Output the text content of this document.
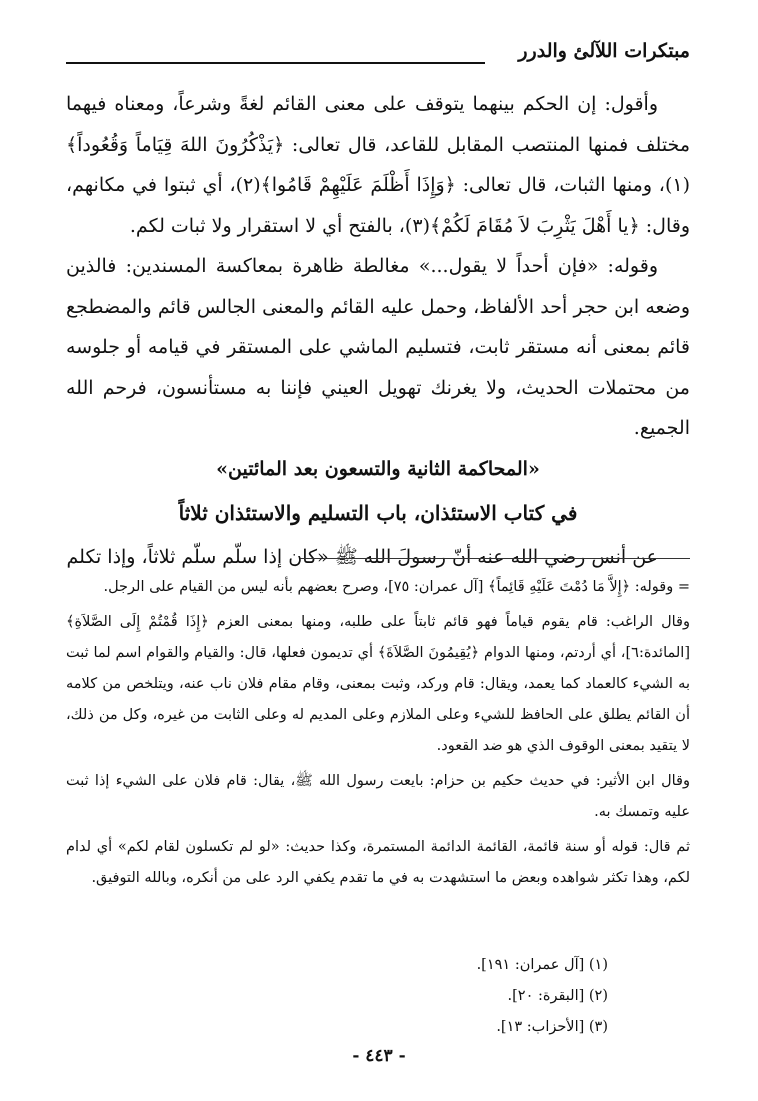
مبتكرات اللآلئ والدرر

وأقول: إن الحكم بينهما يتوقف على معنى القائم لغةً وشرعاً، ومعناه فيهما مختلف فمنها المنتصب المقابل للقاعد، قال تعالى: ﴿يَذْكُرُونَ اللهَ قِيَاماً وَقُعُوداً﴾(١)، ومنها الثبات، قال تعالى: ﴿وَإِذَا أَظْلَمَ عَلَيْهِمْ قَامُوا﴾(٢)، أي ثبتوا في مكانهم، وقال: ﴿يا أَهْلَ يَثْرِبَ لاَ مُقَامَ لَكُمْ﴾(٣)، بالفتح أي لا استقرار ولا ثبات لكم.

وقوله: «فإن أحداً لا يقول...» مغالطة ظاهرة بمعاكسة المسندين: فالذين وضعه ابن حجر أحد الألفاظ، وحمل عليه القائم والمعنى الجالس قائم والمضطجع قائم بمعنى أنه مستقر ثابت، فتسليم الماشي على المستقر في قيامه أو جلوسه من محتملات الحديث، ولا يغرنك تهويل العيني فإننا به مستأنسون، فرحم الله الجميع.

«المحاكمة الثانية والتسعون بعد المائتين»

في كتاب الاستئذان، باب التسليم والاستئذان ثلاثاً

عن أنس رضي الله عنه أنّ رسولَ الله ﷺ «كان إذا سلّم سلّم ثلاثاً، وإذا تكلم

= وقوله: ﴿إِلاَّ مَا دُمْتَ عَلَيْهِ قَائِماً﴾ [آل عمران: ٧٥]، وصرح بعضهم بأنه ليس من القيام على الرجل.

وقال الراغب: قام يقوم قياماً فهو قائم ثابتاً على طلبه، ومنها بمعنى العزم ﴿إِذَا قُمْتُمْ إِلَى الصَّلاَةِ﴾ [المائدة:٦]، أي أردتم، ومنها الدوام ﴿يُقِيمُونَ الصَّلاَةَ﴾ أي تديمون فعلها، قال: والقيام والقوام اسم لما ثبت به الشيء كالعماد كما يعمد، ويقال: قام وركد، وثبت بمعنى، وقام مقام فلان ناب عنه، ويتلخص من كلامه أن القائم يطلق على الحافظ للشيء وعلى الملازم وعلى المديم له وعلى الثابت من غيره، وكل من ذلك، لا يتقيد بمعنى الوقوف الذي هو ضد القعود.

وقال ابن الأثير: في حديث حكيم بن حزام: بايعت رسول الله ﷺ، يقال: قام فلان على الشيء إذا ثبت عليه وتمسك به.

ثم قال: قوله أو سنة قائمة، القائمة الدائمة المستمرة، وكذا حديث: «لو لم تكسلون لقام لكم» أي لدام لكم، وهذا تكثر شواهده وبعض ما استشهدت به في ما تقدم يكفي الرد على من أنكره، وبالله التوفيق.

(١) [آل عمران: ١٩١].
(٢) [البقرة: ٢٠].
(٣) [الأحزاب: ١٣].
- ٤٤٣ -
